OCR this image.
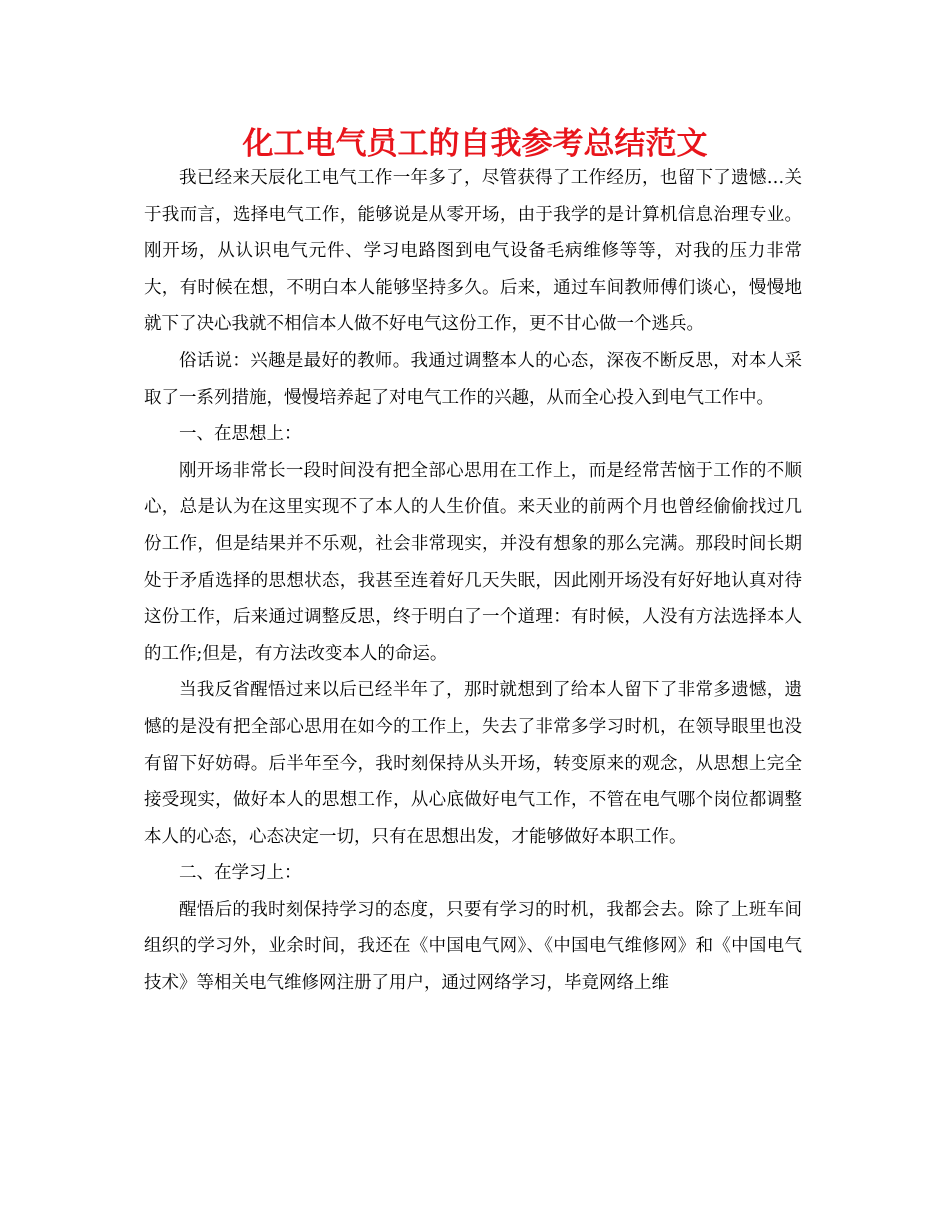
化工电气员工的自我参考总结范文

我已经来天辰化工电气工作一年多了，尽管获得了工作经历，也留下了遗憾…关于我而言，选择电气工作，能够说是从零开场，由于我学的是计算机信息治理专业。刚开场，从认识电气元件、学习电路图到电气设备毛病维修等等，对我的压力非常大，有时候在想，不明白本人能够坚持多久。后来，通过车间教师傅们谈心，慢慢地就下了决心我就不相信本人做不好电气这份工作，更不甘心做一个逃兵。

俗话说：兴趣是最好的教师。我通过调整本人的心态，深夜不断反思，对本人采取了一系列措施，慢慢培养起了对电气工作的兴趣，从而全心投入到电气工作中。

一、在思想上：

刚开场非常长一段时间没有把全部心思用在工作上，而是经常苦恼于工作的不顺心，总是认为在这里实现不了本人的人生价值。来天业的前两个月也曾经偷偷找过几份工作，但是结果并不乐观，社会非常现实，并没有想象的那么完满。那段时间长期处于矛盾选择的思想状态，我甚至连着好几天失眠，因此刚开场没有好好地认真对待这份工作，后来通过调整反思，终于明白了一个道理：有时候，人没有方法选择本人的工作;但是，有方法改变本人的命运。

当我反省醒悟过来以后已经半年了，那时就想到了给本人留下了非常多遗憾，遗憾的是没有把全部心思用在如今的工作上，失去了非常多学习时机，在领导眼里也没有留下好妨碍。后半年至今，我时刻保持从头开场，转变原来的观念，从思想上完全接受现实，做好本人的思想工作，从心底做好电气工作，不管在电气哪个岗位都调整本人的心态，心态决定一切，只有在思想出发，才能够做好本职工作。

二、在学习上：

醒悟后的我时刻保持学习的态度，只要有学习的时机，我都会去。除了上班车间组织的学习外，业余时间，我还在《中国电气网》、《中国电气维修网》和《中国电气技术》等相关电气维修网注册了用户，通过网络学习，毕竟网络上维
